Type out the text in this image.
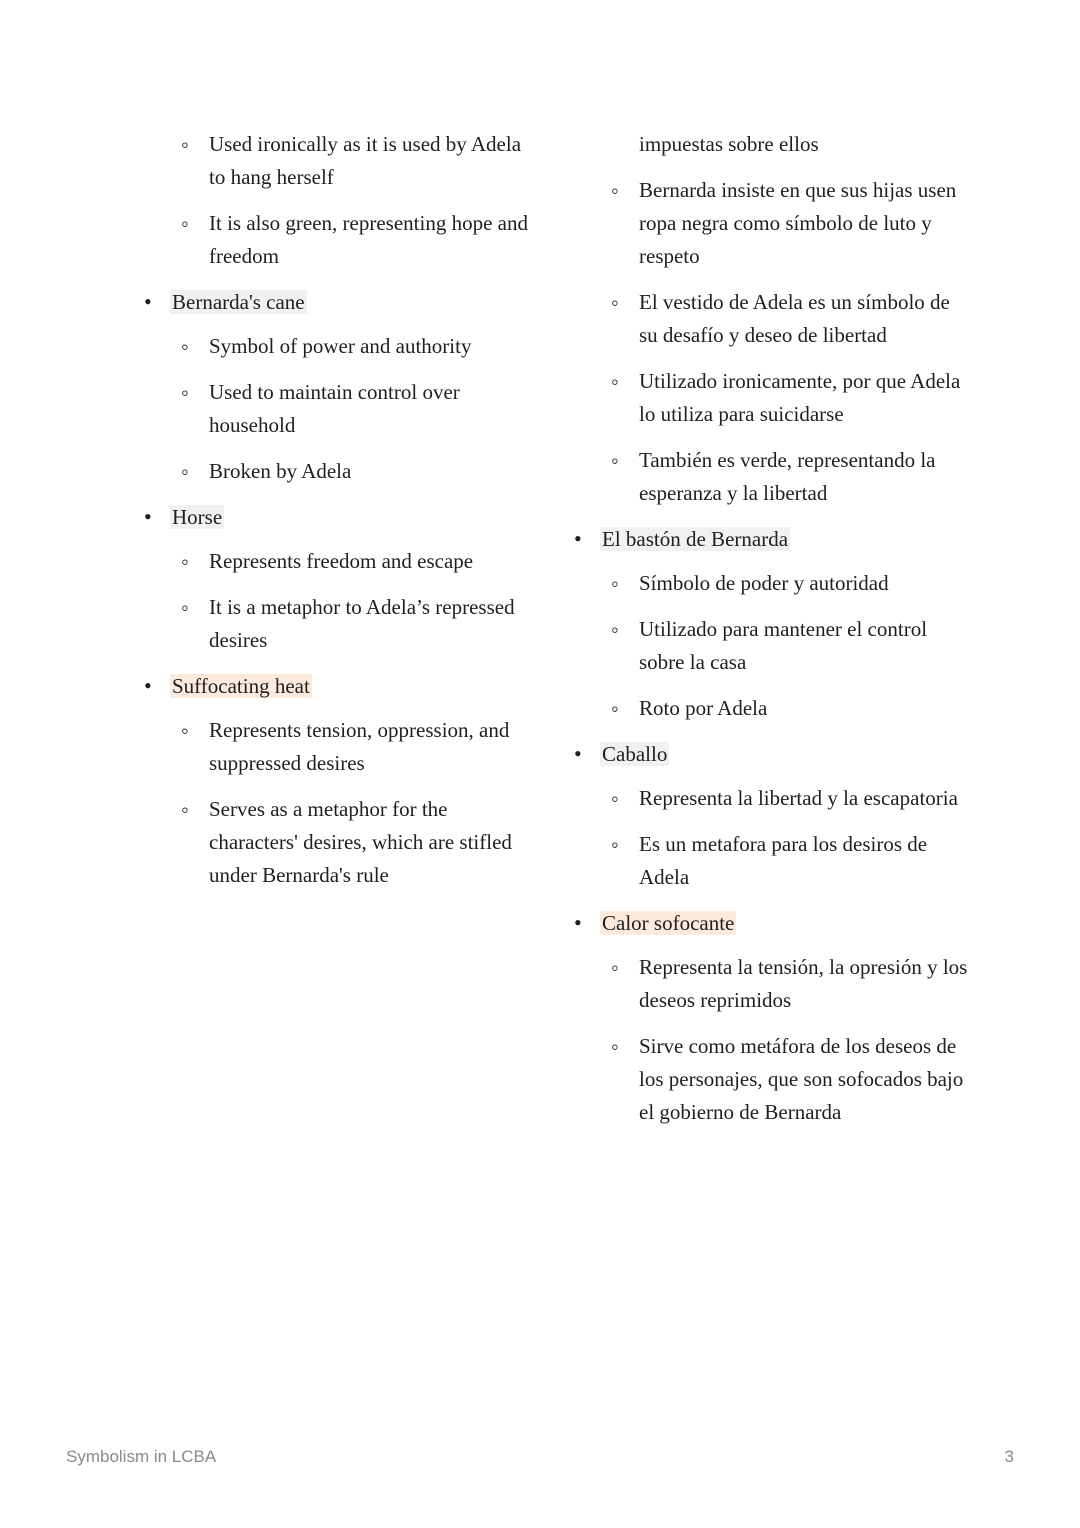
◦ Used ironically as it is used by Adela to hang herself
◦ It is also green, representing hope and freedom
• Bernarda's cane
◦ Symbol of power and authority
◦ Used to maintain control over household
◦ Broken by Adela
• Horse
◦ Represents freedom and escape
◦ It is a metaphor to Adela’s repressed desires
• Suffocating heat
◦ Represents tension, oppression, and suppressed desires
◦ Serves as a metaphor for the characters' desires, which are stifled under Bernarda's rule
impuestas sobre ellos
◦ Bernarda insiste en que sus hijas usen ropa negra como símbolo de luto y respeto
◦ El vestido de Adela es un símbolo de su desafío y deseo de libertad
◦ Utilizado ironicamente, por que Adela lo utiliza para suicidarse
◦ También es verde, representando la esperanza y la libertad
• El bastón de Bernarda
◦ Símbolo de poder y autoridad
◦ Utilizado para mantener el control sobre la casa
◦ Roto por Adela
• Caballo
◦ Representa la libertad y la escapatoria
◦ Es un metafora para los desiros de Adela
• Calor sofocante
◦ Representa la tensión, la opresión y los deseos reprimidos
◦ Sirve como metáfora de los deseos de los personajes, que son sofocados bajo el gobierno de Bernarda
Symbolism in LCBA	3
